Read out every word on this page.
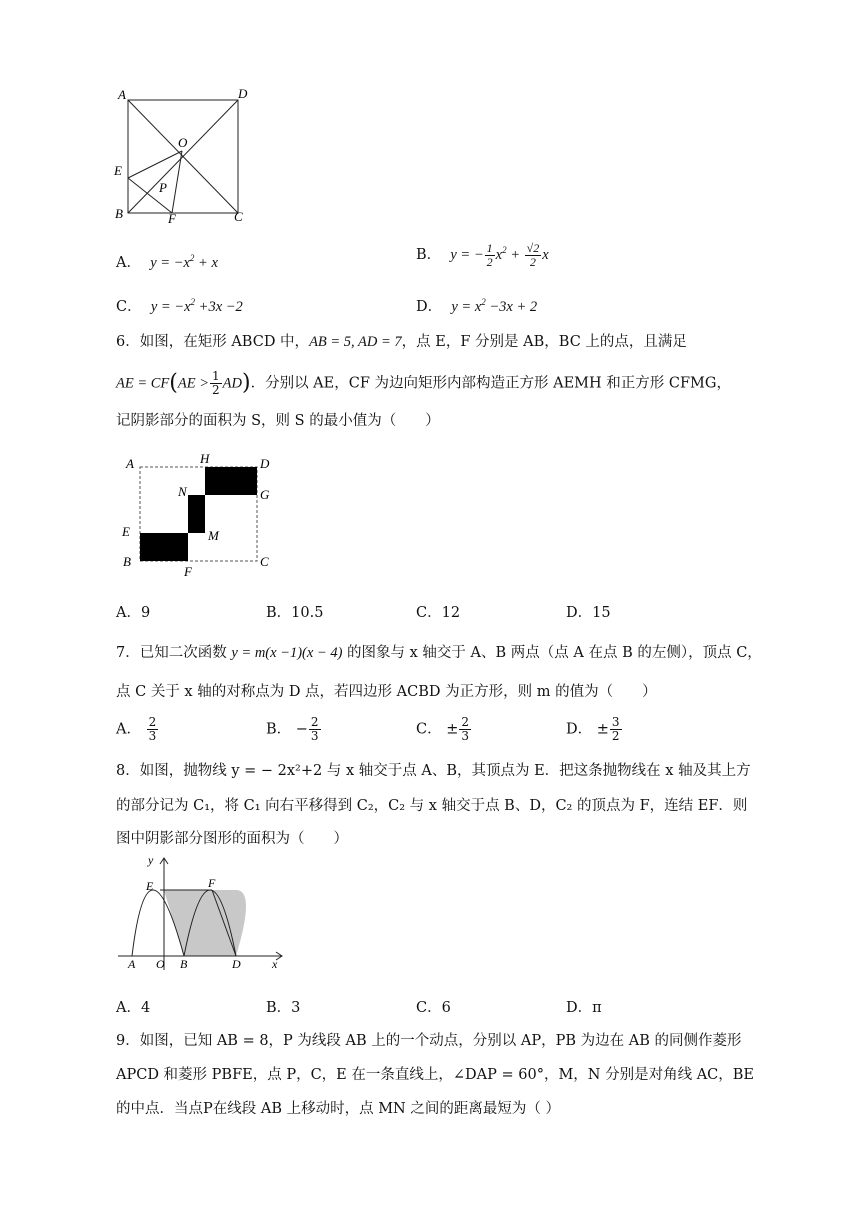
A	D
O
E
P
B	F	C
A． $y = -x^2 + x$	B． y = − $\frac{1}{2} x^2 + \frac{√2}{2}$ x
C． $y = -x^2 +3x -2$	D． $y = x^2 -3x + 2$
6．如图，在矩形 ABCD 中，AB = 5, AD = 7，点 E，F 分别是 AB，BC 上的点，且满足
AE = $CF(AE > \frac{1}{2} AD)$．分别以 AE，CF 为边向矩形内部构造正方形 AEMH 和正方形 CFMG，
记阴影部分的面积为 S，则 S 的最小值为（　　）
A	H	D
N	G
E	M
B
F
C
A．9	B．10.5	C．12	D．15
7．已知二次函数 y = m(x −1)(x − 4) 的图象与 x 轴交于 A、B 两点（点 A 在点 B 的左侧），顶点 C，
点 C 关于 x 轴的对称点为 D 点，若四边形 ACBD 为正方形，则 m 的值为（　　）
A． $\frac{2}{3}$	B． − $\frac{2}{3}$	C． ± $\frac{2}{3}$	D． ± $\frac{3}{2}$
8．如图，抛物线 y = − 2x²+2 与 x 轴交于点 A、B，其顶点为 E．把这条抛物线在 x 轴及其上方
的部分记为 C₁，将 C₁ 向右平移得到 C₂，C₂ 与 x 轴交于点 B、D，C₂ 的顶点为 F，连结 EF．则
图中阴影部分图形的面积为（　　）
y
E	F
A O B	D	x
A．4	B．3	C．6	D．π
9．如图，已知 AB = 8，P 为线段 AB 上的一个动点，分别以 AP，PB 为边在 AB 的同侧作菱形
APCD 和菱形 PBFE，点 P，C，E 在一条直线上，∠DAP = 60°，M，N 分别是对角线 AC，BE
的中点．当点P在线段 AB 上移动时，点 MN 之间的距离最短为（ ）
